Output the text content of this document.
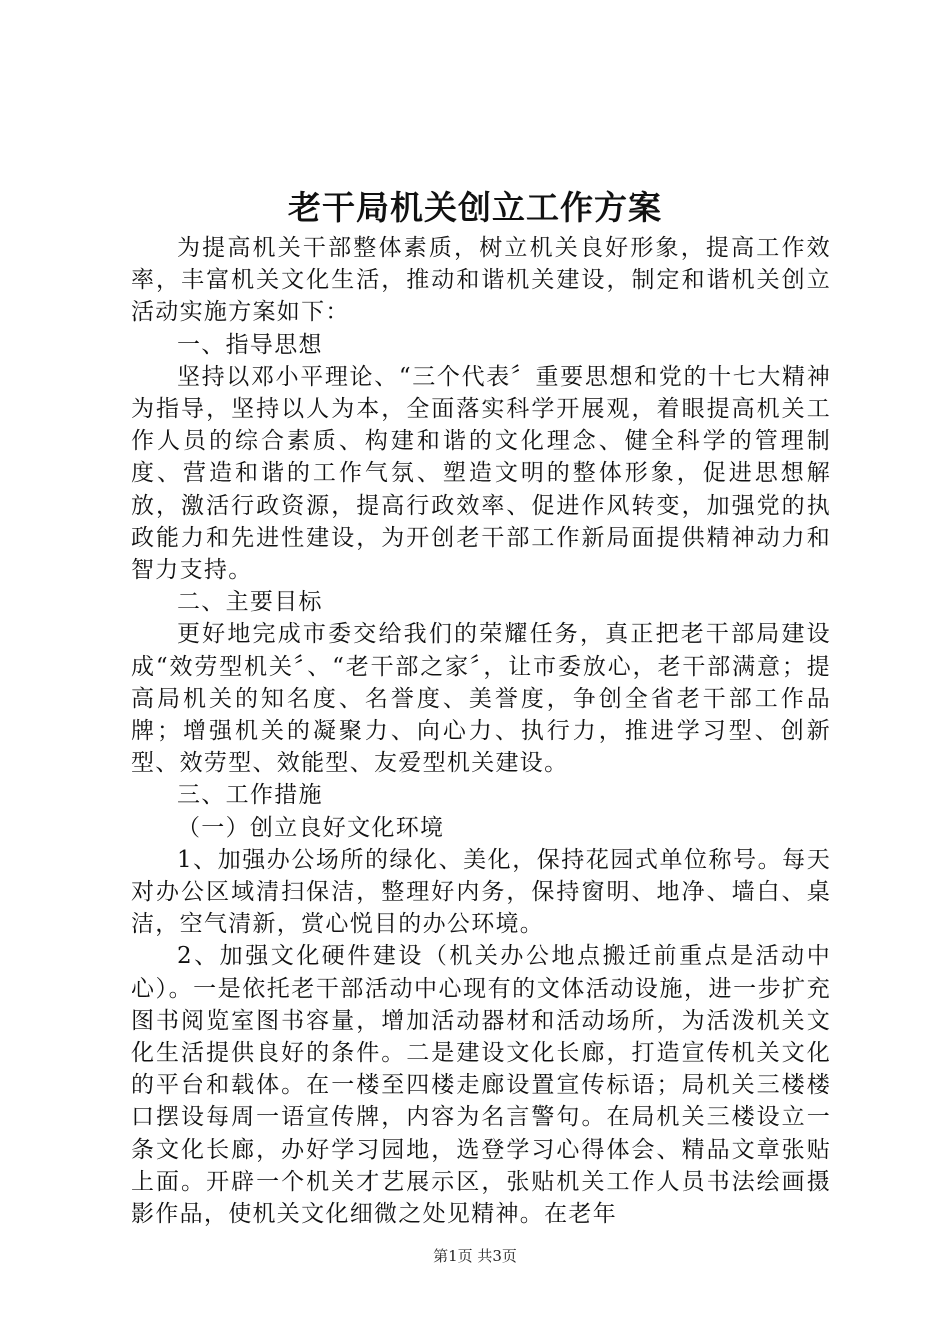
老干局机关创立工作方案

为提高机关干部整体素质，树立机关良好形象，提高工作效率，丰富机关文化生活，推动和谐机关建设，制定和谐机关创立活动实施方案如下：

一、指导思想

坚持以邓小平理论、“三个代表〞重要思想和党的十七大精神为指导，坚持以人为本，全面落实科学开展观，着眼提高机关工作人员的综合素质、构建和谐的文化理念、健全科学的管理制度、营造和谐的工作气氛、塑造文明的整体形象，促进思想解放，激活行政资源，提高行政效率、促进作风转变，加强党的执政能力和先进性建设，为开创老干部工作新局面提供精神动力和智力支持。

二、主要目标

更好地完成市委交给我们的荣耀任务，真正把老干部局建设成“效劳型机关〞、“老干部之家〞，让市委放心，老干部满意；提高局机关的知名度、名誉度、美誉度，争创全省老干部工作品牌；增强机关的凝聚力、向心力、执行力，推进学习型、创新型、效劳型、效能型、友爱型机关建设。

三、工作措施

（一）创立良好文化环境

1、加强办公场所的绿化、美化，保持花园式单位称号。每天对办公区域清扫保洁，整理好内务，保持窗明、地净、墙白、桌洁，空气清新，赏心悦目的办公环境。

2、加强文化硬件建设（机关办公地点搬迁前重点是活动中心）。一是依托老干部活动中心现有的文体活动设施，进一步扩充图书阅览室图书容量，增加活动器材和活动场所，为活泼机关文化生活提供良好的条件。二是建设文化长廊，打造宣传机关文化的平台和载体。在一楼至四楼走廊设置宣传标语；局机关三楼楼口摆设每周一语宣传牌，内容为名言警句。在局机关三楼设立一条文化长廊，办好学习园地，选登学习心得体会、精品文章张贴上面。开辟一个机关才艺展示区，张贴机关工作人员书法绘画摄影作品，使机关文化细微之处见精神。在老年

第1页 共3页
